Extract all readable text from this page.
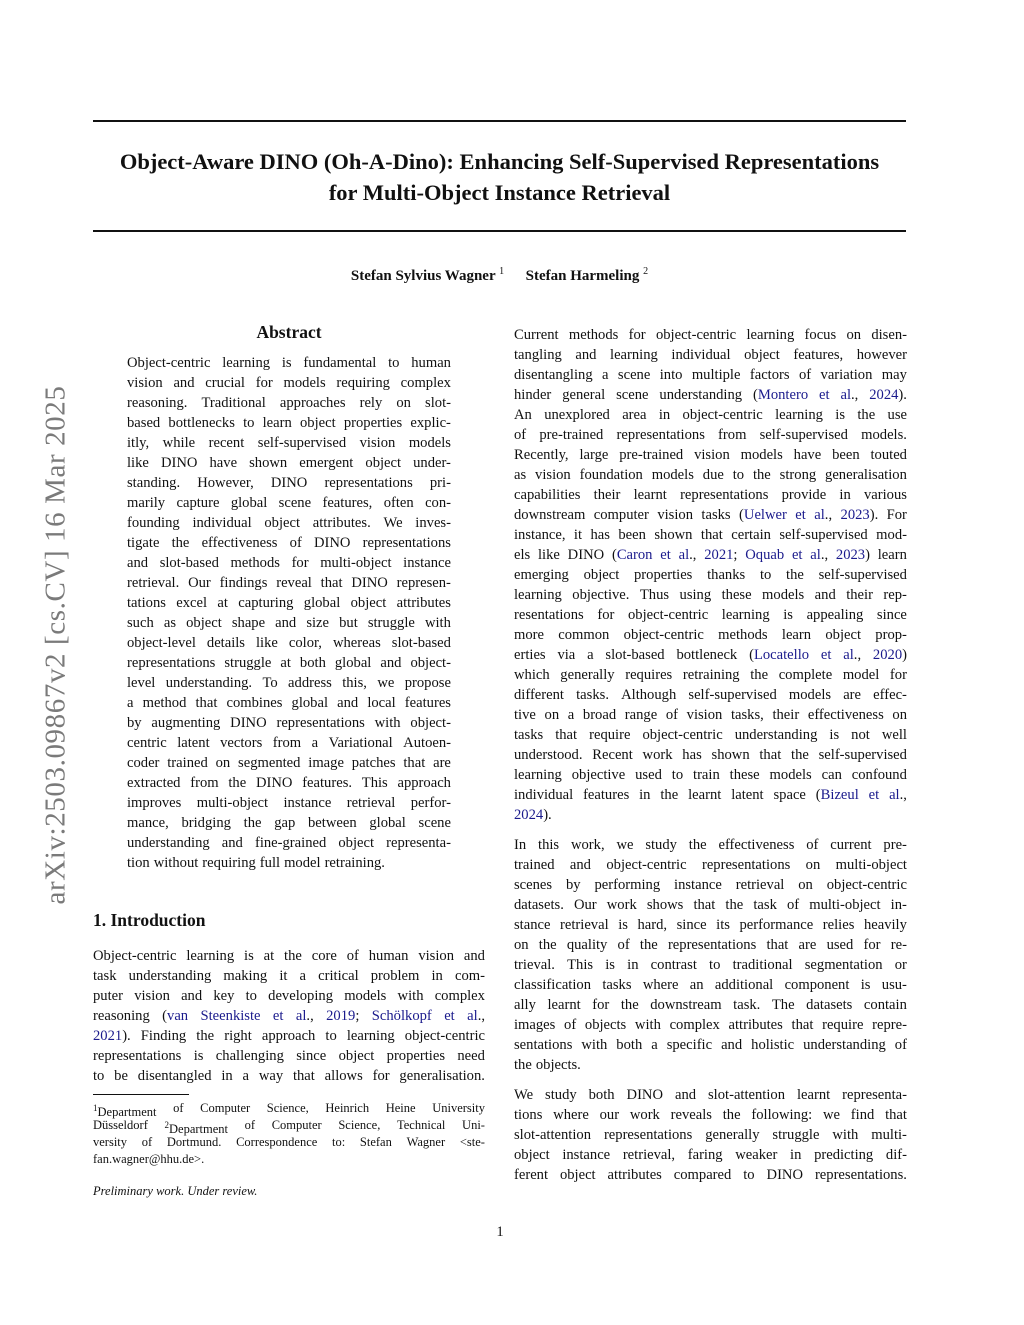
Object-Aware DINO (Oh-A-Dino): Enhancing Self-Supervised Representations
for Multi-Object Instance Retrieval
Stefan Sylvius Wagner $^1$ Stefan Harmeling $^2$
arXiv:2503.09867v2 [cs.CV] 16 Mar 2025
Abstract
Object-centric learning is fundamental to human
vision and crucial for models requiring complex
reasoning. Traditional approaches rely on slot-
based bottlenecks to learn object properties explic-
itly, while recent self-supervised vision models
like DINO have shown emergent object under-
standing. However, DINO representations pri-
marily capture global scene features, often con-
founding individual object attributes. We inves-
tigate the effectiveness of DINO representations
and slot-based methods for multi-object instance
retrieval. Our findings reveal that DINO represen-
tations excel at capturing global object attributes
such as object shape and size but struggle with
object-level details like color, whereas slot-based
representations struggle at both global and object-
level understanding. To address this, we propose
a method that combines global and local features
by augmenting DINO representations with object-
centric latent vectors from a Variational Autoen-
coder trained on segmented image patches that are
extracted from the DINO features. This approach
improves multi-object instance retrieval perfor-
mance, bridging the gap between global scene
understanding and fine-grained object representa-
tion without requiring full model retraining.
1. Introduction
Object-centric learning is at the core of human vision and
task understanding making it a critical problem in com-
puter vision and key to developing models with complex
reasoning (van Steenkiste et al., 2019; Schölkopf et al.,
2021). Finding the right approach to learning object-centric
representations is challenging since object properties need
to be disentangled in a way that allows for generalisation.
$^1$Department of Computer Science, Heinrich Heine University
Düsseldorf $^2$Department of Computer Science, Technical Uni-
versity of Dortmund. Correspondence to: Stefan Wagner <ste-
fan.wagner@hhu.de>.
Preliminary work. Under review.
Current methods for object-centric learning focus on disen-
tangling and learning individual object features, however
disentangling a scene into multiple factors of variation may
hinder general scene understanding (Montero et al., 2024).
An unexplored area in object-centric learning is the use
of pre-trained representations from self-supervised models.
Recently, large pre-trained vision models have been touted
as vision foundation models due to the strong generalisation
capabilities their learnt representations provide in various
downstream computer vision tasks (Uelwer et al., 2023). For
instance, it has been shown that certain self-supervised mod-
els like DINO (Caron et al., 2021; Oquab et al., 2023) learn
emerging object properties thanks to the self-supervised
learning objective. Thus using these models and their rep-
resentations for object-centric learning is appealing since
more common object-centric methods learn object prop-
erties via a slot-based bottleneck (Locatello et al., 2020)
which generally requires retraining the complete model for
different tasks. Although self-supervised models are effec-
tive on a broad range of vision tasks, their effectiveness on
tasks that require object-centric understanding is not well
understood. Recent work has shown that the self-supervised
learning objective used to train these models can confound
individual features in the learnt latent space (Bizeul et al.,
2024).
In this work, we study the effectiveness of current pre-
trained and object-centric representations on multi-object
scenes by performing instance retrieval on object-centric
datasets. Our work shows that the task of multi-object in-
stance retrieval is hard, since its performance relies heavily
on the quality of the representations that are used for re-
trieval. This is in contrast to traditional segmentation or
classification tasks where an additional component is usu-
ally learnt for the downstream task. The datasets contain
images of objects with complex attributes that require repre-
sentations with both a specific and holistic understanding of
the objects.
We study both DINO and slot-attention learnt representa-
tions where our work reveals the following: we find that
slot-attention representations generally struggle with multi-
object instance retrieval, faring weaker in predicting dif-
ferent object attributes compared to DINO representations.
1
